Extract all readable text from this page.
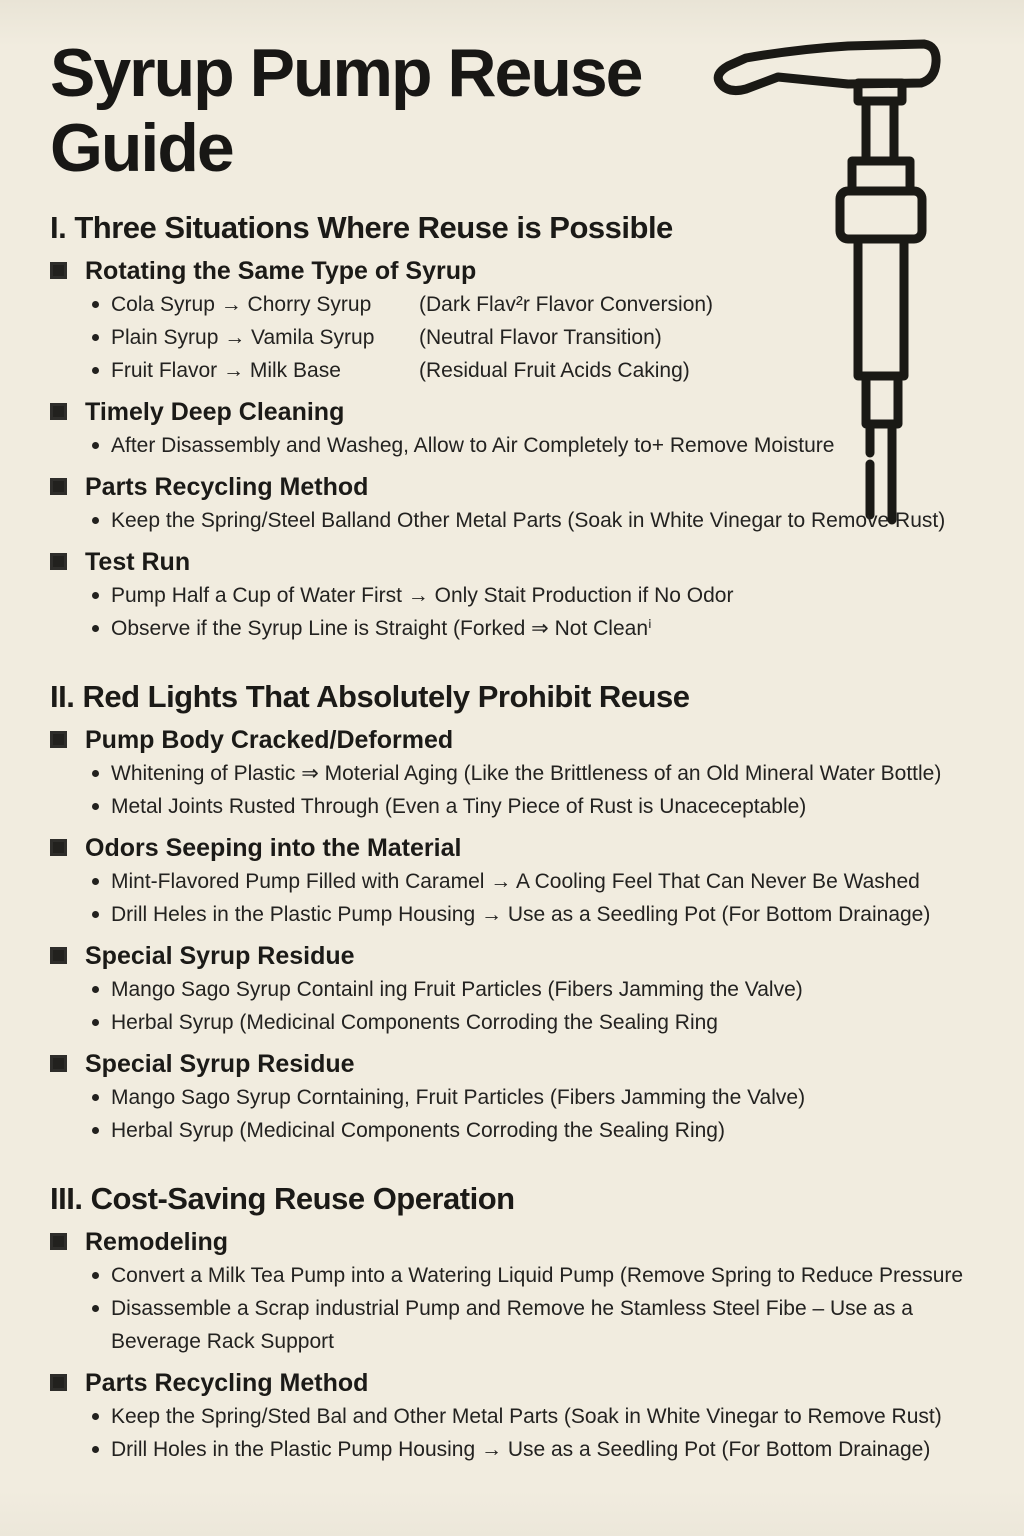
Syrup Pump Reuse
Guide
I. Three Situations Where Reuse is Possible
Rotating the Same Type of Syrup
Cola Syrup → Chorry Syrup (Dark Flav²r Flavor Conversion)
Plain Syrup → Vamila Syrup (Neutral Flavor Transition)
Fruit Flavor → Milk Base	(Residual Fruit Acids Caking)
Timely Deep Cleaning
After Disassembly and Washeg, Allow to Air Completely to+ Remove Moisture
Parts Recycling Method
Keep the Spring/Steel Balland Other Metal Parts (Soak in White Vinegar to Remove Rust)
Test Run
Pump Half a Cup of Water First → Only Stait Production if No Odor
Observe if the Syrup Line is Straight (Forked ⇒ Not Cleanⁱ
II. Red Lights That Absolutely Prohibit Reuse
Pump Body Cracked/Deformed
Whitening of Plastic ⇒ Moterial Aging (Like the Brittleness of an Old Mineral Water Bottle)
Metal Joints Rusted Through (Even a Tiny Piece of Rust is Unaceceptable)
Odors Seeping into the Material
Mint-Flavored Pump Filled with Caramel → A Cooling Feel That Can Never Be Washed
Drill Heles in the Plastic Pump Housing → Use as a Seedling Pot (For Bottom Drainage)
Special Syrup Residue
Mango Sago Syrup Containl ing Fruit Particles (Fibers Jamming the Valve)
Herbal Syrup (Medicinal Components Corroding the Sealing Ring
Special Syrup Residue
Mango Sago Syrup Corntaining, Fruit Particles (Fibers Jamming the Valve)
Herbal Syrup (Medicinal Components Corroding the Sealing Ring)
III. Cost-Saving Reuse Operation
Remodeling
Convert a Milk Tea Pump into a Watering Liquid Pump (Remove Spring to Reduce Pressure
Disassemble a Scrap industrial Pump and Remove he Stamless Steel Fibe – Use as a Beverage Rack Support
Parts Recycling Method
Keep the Spring/Sted Bal and Other Metal Parts (Soak in White Vinegar to Remove Rust)
Drill Holes in the Plastic Pump Housing → Use as a Seedling Pot (For Bottom Drainage)
